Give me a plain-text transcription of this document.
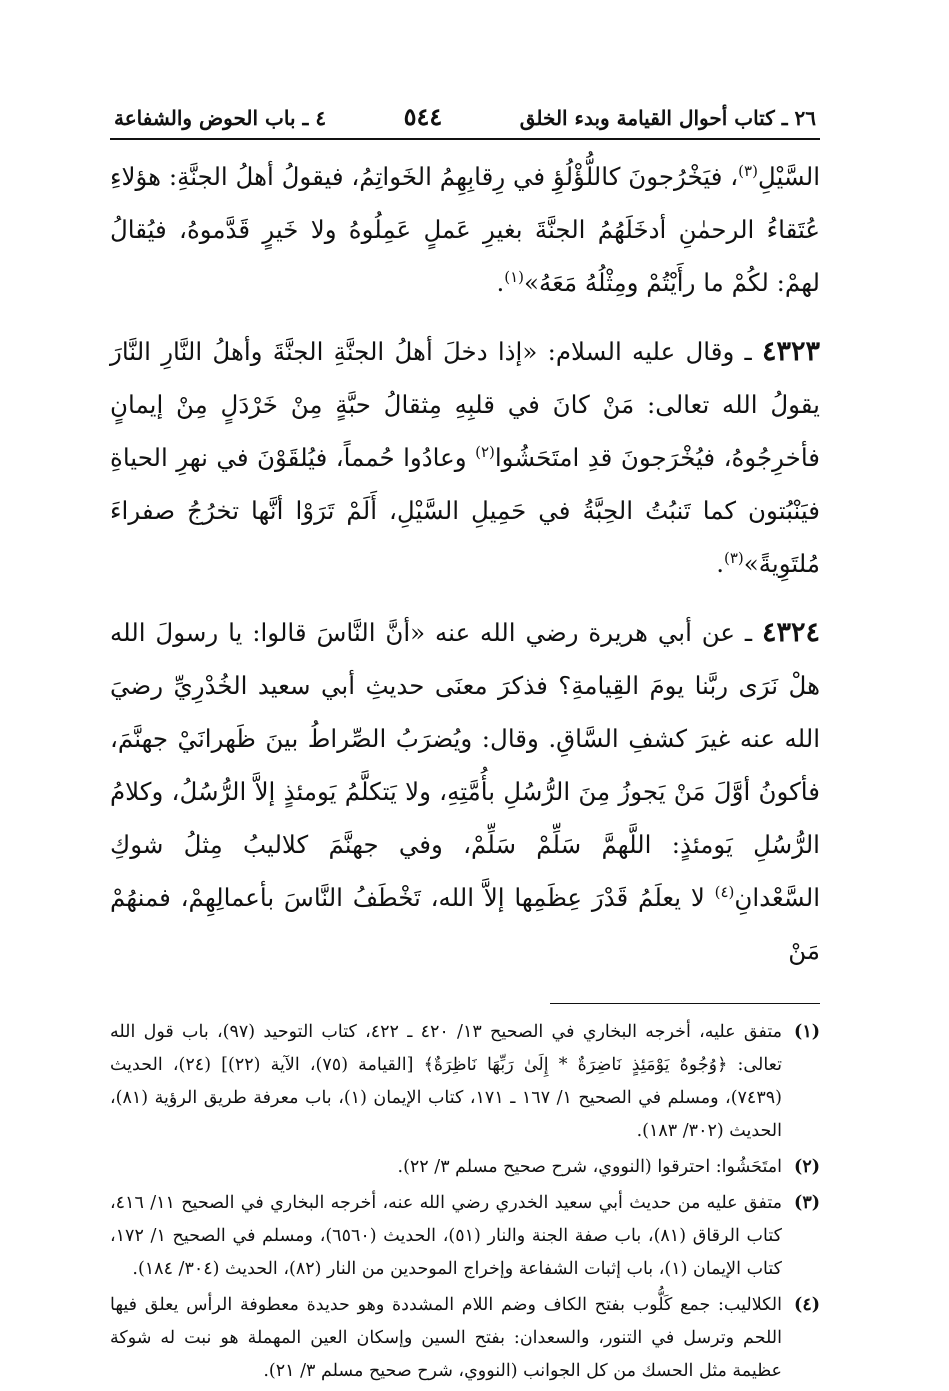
٢٦ ـ كتاب أحوال القيامة وبدء الخلق
٥٤٤
٤ ـ باب الحوض والشفاعة

السَّيْلِ$^{(٣)}$، فيَخْرُجونَ كاللُّؤْلُؤِ في رِقابِهِمُ الخَواتِمُ، فيقولُ أهلُ الجنَّةِ: هؤلاءِ عُتَقاءُ الرحمٰنِ أدخَلَهُمُ الجنَّةَ بغيرِ عَملٍ عَمِلُوهُ ولا خَيرٍ قَدَّموهُ، فيُقالُ لهمْ: لكُمْ ما رأَيْتُمْ ومِثْلُهُ مَعَهُ»$^{(١)}$.

٤٣٢٣ ـ وقال عليه السلام: «إذا دخلَ أهلُ الجنَّةِ الجنَّةَ وأهلُ النَّارِ النَّارَ يقولُ الله تعالى: مَنْ كانَ في قلبِهِ مِثقالُ حبَّةٍ مِنْ خَرْدَلٍ مِنْ إيمانٍ فأخرِجُوهُ، فيُخْرَجونَ قدِ امتَحَشُوا$^{(٢)}$ وعادُوا حُمماً، فيُلقَوْنَ في نهرِ الحياةِ فيَنْبُتون كما تَنبُتُ الحِبَّةُ في حَمِيلِ السَّيْلِ، أَلَمْ تَرَوْا أنَّها تخرُجُ صفراءَ مُلتَوِيةً»$^{(٣)}$.

٤٣٢٤ ـ عن أبي هريرة رضي الله عنه «أنَّ النَّاسَ قالوا: يا رسولَ الله هلْ نَرَى ربَّنا يومَ القِيامةِ؟ فذكرَ معنَى حديثِ أبي سعيد الخُدْرِيِّ رضيَ الله عنه غيرَ كشفِ السَّاقِ. وقال: ويُضرَبُ الصِّراطُ بينَ ظَهرانَيْ جهنَّمَ، فأكونُ أوَّلَ مَنْ يَجوزُ مِنَ الرُّسُلِ بأُمَّتِهِ، ولا يَتكلَّمُ يَومئذٍ إلاَّ الرُّسُلُ، وكلامُ الرُّسُلِ يَومئذٍ: اللَّهمَّ سَلِّمْ سَلِّمْ، وفي جهنَّمَ كلاليبُ مِثلُ شوكِ السَّعْدانِ$^{(٤)}$ لا يعلَمُ قَدْرَ عِظَمِها إلاَّ الله، تَخْطَفُ النَّاسَ بأعمالِهِمْ، فمنهُمْ مَنْ

(١)
متفق عليه، أخرجه البخاري في الصحيح ١٣/ ٤٢٠ ـ ٤٢٢، كتاب التوحيد (٩٧)، باب قول الله تعالى: ﴿وُجُوهٌ يَوْمَئِذٍ نَاضِرَةٌ * إِلَىٰ رَبِّهَا نَاظِرَةٌ﴾ [القيامة (٧٥)، الآية (٢٢)] (٢٤)، الحديث (٧٤٣٩)، ومسلم في الصحيح ١/ ١٦٧ ـ ١٧١، كتاب الإيمان (١)، باب معرفة طريق الرؤية (٨١)، الحديث (٣٠٢/ ١٨٣).
(٢)
امتَحَشُوا: احترقوا (النووي، شرح صحيح مسلم ٣/ ٢٢).
(٣)
متفق عليه من حديث أبي سعيد الخدري رضي الله عنه، أخرجه البخاري في الصحيح ١١/ ٤١٦، كتاب الرقاق (٨١)، باب صفة الجنة والنار (٥١)، الحديث (٦٥٦٠)، ومسلم في الصحيح ١/ ١٧٢، كتاب الإيمان (١)، باب إثبات الشفاعة وإخراج الموحدين من النار (٨٢)، الحديث (٣٠٤/ ١٨٤).
(٤)
الكلاليب: جمع كَلُّوب بفتح الكاف وضم اللام المشددة وهو حديدة معطوفة الرأس يعلق فيها اللحم وترسل في التنور، والسعدان: بفتح السين وإسكان العين المهملة هو نبت له شوكة عظيمة مثل الحسك من كل الجوانب (النووي، شرح صحيح مسلم ٣/ ٢١).
